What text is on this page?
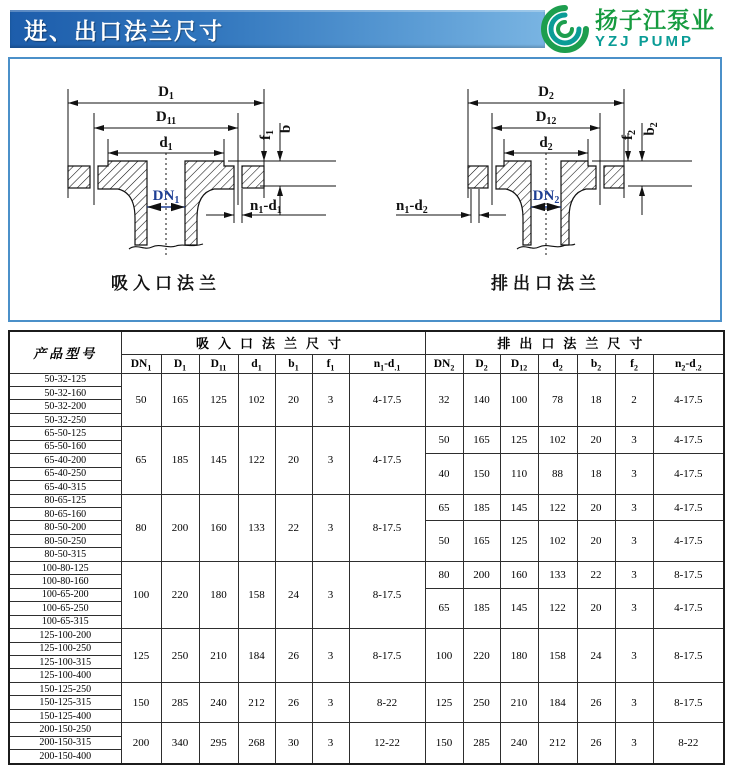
进、出口法兰尺寸	扬子江泵业
YZJ PUMP
$D_1$
$D_{11}$
$d_1$
$DN_1$
$f_1$ b
$n_1-d_1$
吸入口法兰
$D_2$
$D_{12}$
$d_2$
$DN_2$
$f_2$ $b_2$
$n_1-d_2$
排出口法兰
产品型号	吸入口法兰尺寸							排出口法兰尺寸						
	$DN_1$	$D_1$	$D_{11}$	$d_1$	$b_1$	$f_1$	$n_1-d_{.1}$	$DN_2$	$D_2$	$D_{12}$	$d_2$	$b_2$	$f_2$	$n_2-d_{.2}$
50-32-125	50	165	125	102	20	3	4-17.5	32	140	100	78	18	2	4-17.5
50-32-160														
50-32-200														
50-32-250														
65-50-125	65	185	145	122	20	3	4-17.5	50	165	125	102	20	3	4-17.5
65-50-160														
65-40-200								40	150	110	88	18	3	4-17.5
65-40-250														
65-40-315														
80-65-125	80	200	160	133	22	3	8-17.5	65	185	145	122	20	3	4-17.5
80-65-160														
80-50-200								50	165	125	102	20	3	4-17.5
80-50-250														
80-50-315														
100-80-125	100	220	180	158	24	3	8-17.5	80	200	160	133	22	3	8-17.5
100-80-160														
100-65-200								65	185	145	122	20	3	4-17.5
100-65-250														
100-65-315														
125-100-200	125	250	210	184	26	3	8-17.5	100	220	180	158	24	3	8-17.5
125-100-250														
125-100-315														
125-100-400														
150-125-250	150	285	240	212	26	3	8-22	125	250	210	184	26	3	8-17.5
150-125-315														
150-125-400														
200-150-250	200	340	295	268	30	3	12-22	150	285	240	212	26	3	8-22
200-150-315														
200-150-400														
